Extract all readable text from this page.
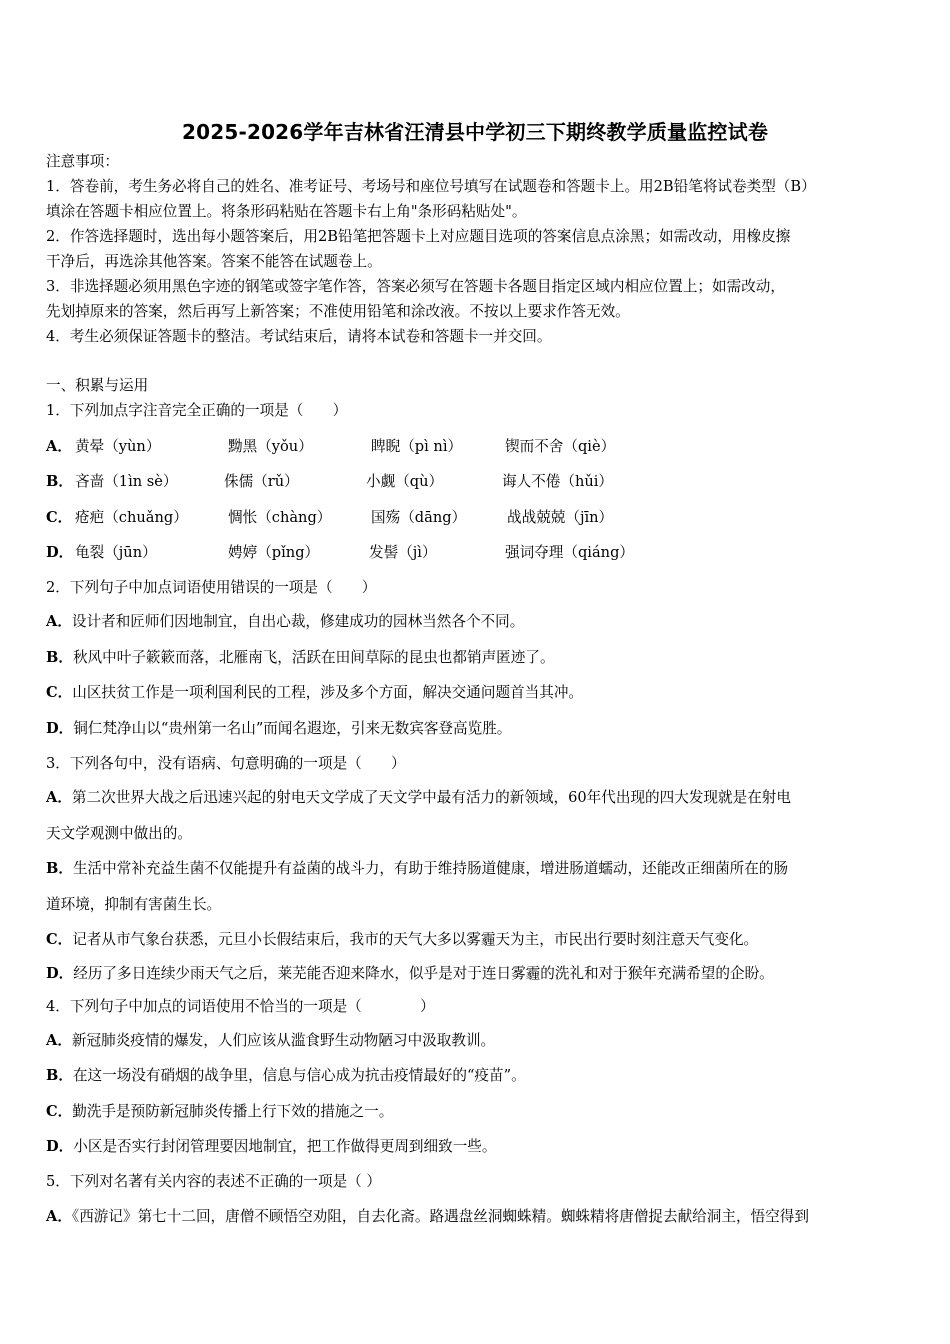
2025-2026学年吉林省汪清县中学初三下期终教学质量监控试卷
注意事项：
1．答卷前，考生务必将自己的姓名、准考证号、考场号和座位号填写在试题卷和答题卡上。用2B铅笔将试卷类型（B）
填涂在答题卡相应位置上。将条形码粘贴在答题卡右上角"条形码粘贴处"。
2．作答选择题时，选出每小题答案后，用2B铅笔把答题卡上对应题目选项的答案信息点涂黑；如需改动，用橡皮擦
干净后，再选涂其他答案。答案不能答在试题卷上。
3．非选择题必须用黑色字迹的钢笔或签字笔作答，答案必须写在答题卡各题目指定区域内相应位置上；如需改动，
先划掉原来的答案，然后再写上新答案；不准使用铅笔和涂改液。不按以上要求作答无效。
4．考生必须保证答题卡的整洁。考试结束后，请将本试卷和答题卡一并交回。
一、积累与运用
1．下列加点字注音完全正确的一项是（　　）
A． 黄晕（yùn）	黝黑（yǒu）	睥睨（pì nì）	锲而不舍（qiè）
B． 吝啬（1ìn sè）	侏儒（rǔ）	小觑（qù）	诲人不倦（hǔi）
C． 疮疤（chuǎng）	惆怅（chàng）	国殇（dāng）	战战兢兢（jīn）
D． 龟裂（jūn）	娉婷（pǐng）	发髻（jì）	强词夺理（qiáng）
2．下列句子中加点词语使用错误的一项是（　　）
A．设计者和匠师们因地制宜，自出心裁，修建成功的园林当然各个不同。
B．秋风中叶子簌簌而落，北雁南飞，活跃在田间草际的昆虫也都销声匿迹了。
C．山区扶贫工作是一项利国利民的工程，涉及多个方面，解决交通问题首当其冲。
D．铜仁梵净山以“贵州第一名山”而闻名遐迩，引来无数宾客登高览胜。
3．下列各句中，没有语病、句意明确的一项是（　　）
A．第二次世界大战之后迅速兴起的射电天文学成了天文学中最有活力的新领域，60年代出现的四大发现就是在射电
天文学观测中做出的。
B．生活中常补充益生菌不仅能提升有益菌的战斗力，有助于维持肠道健康，增进肠道蠕动，还能改正细菌所在的肠
道环境，抑制有害菌生长。
C．记者从市气象台获悉，元旦小长假结束后，我市的天气大多以雾霾天为主，市民出行要时刻注意天气变化。
D．经历了多日连续少雨天气之后，莱芜能否迎来降水，似乎是对于连日雾霾的洗礼和对于猴年充满希望的企盼。
4．下列句子中加点的词语使用不恰当的一项是（　　　　）
A．新冠肺炎疫情的爆发，人们应该从滥食野生动物陋习中汲取教训。
B．在这一场没有硝烟的战争里，信息与信心成为抗击疫情最好的“疫苗”。
C．勤洗手是预防新冠肺炎传播上行下效的措施之一。
D．小区是否实行封闭管理要因地制宜，把工作做得更周到细致一些。
5．下列对名著有关内容的表述不正确的一项是（ ）
A．《西游记》第七十二回，唐僧不顾悟空劝阻，自去化斋。路遇盘丝洞蜘蛛精。蜘蛛精将唐僧捉去献给洞主，悟空得到
